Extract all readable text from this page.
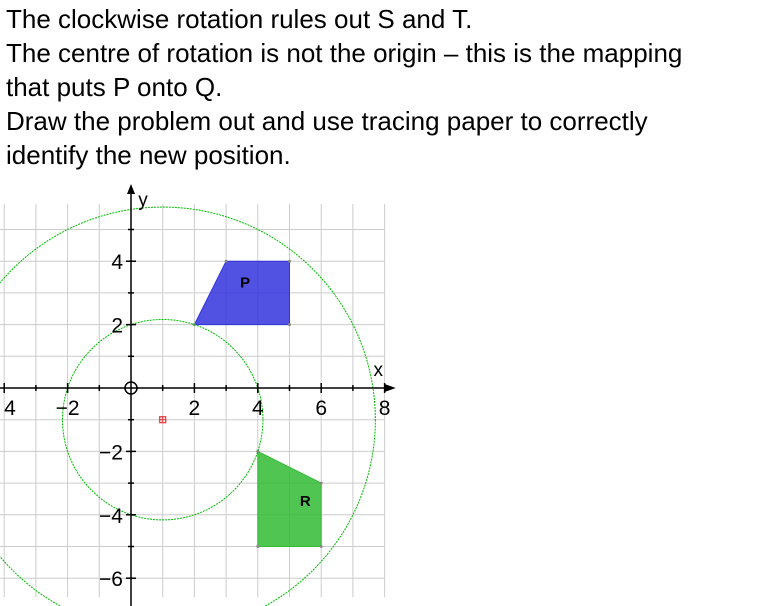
The clockwise rotation rules out S and T.
The centre of rotation is not the origin – this is the mapping
that puts P onto Q.
Draw the problem out and use tracing paper to correctly
identify the new position.
P
R
x
y
4 −2	2 4 6 8
4
2
−2
−4
−6
